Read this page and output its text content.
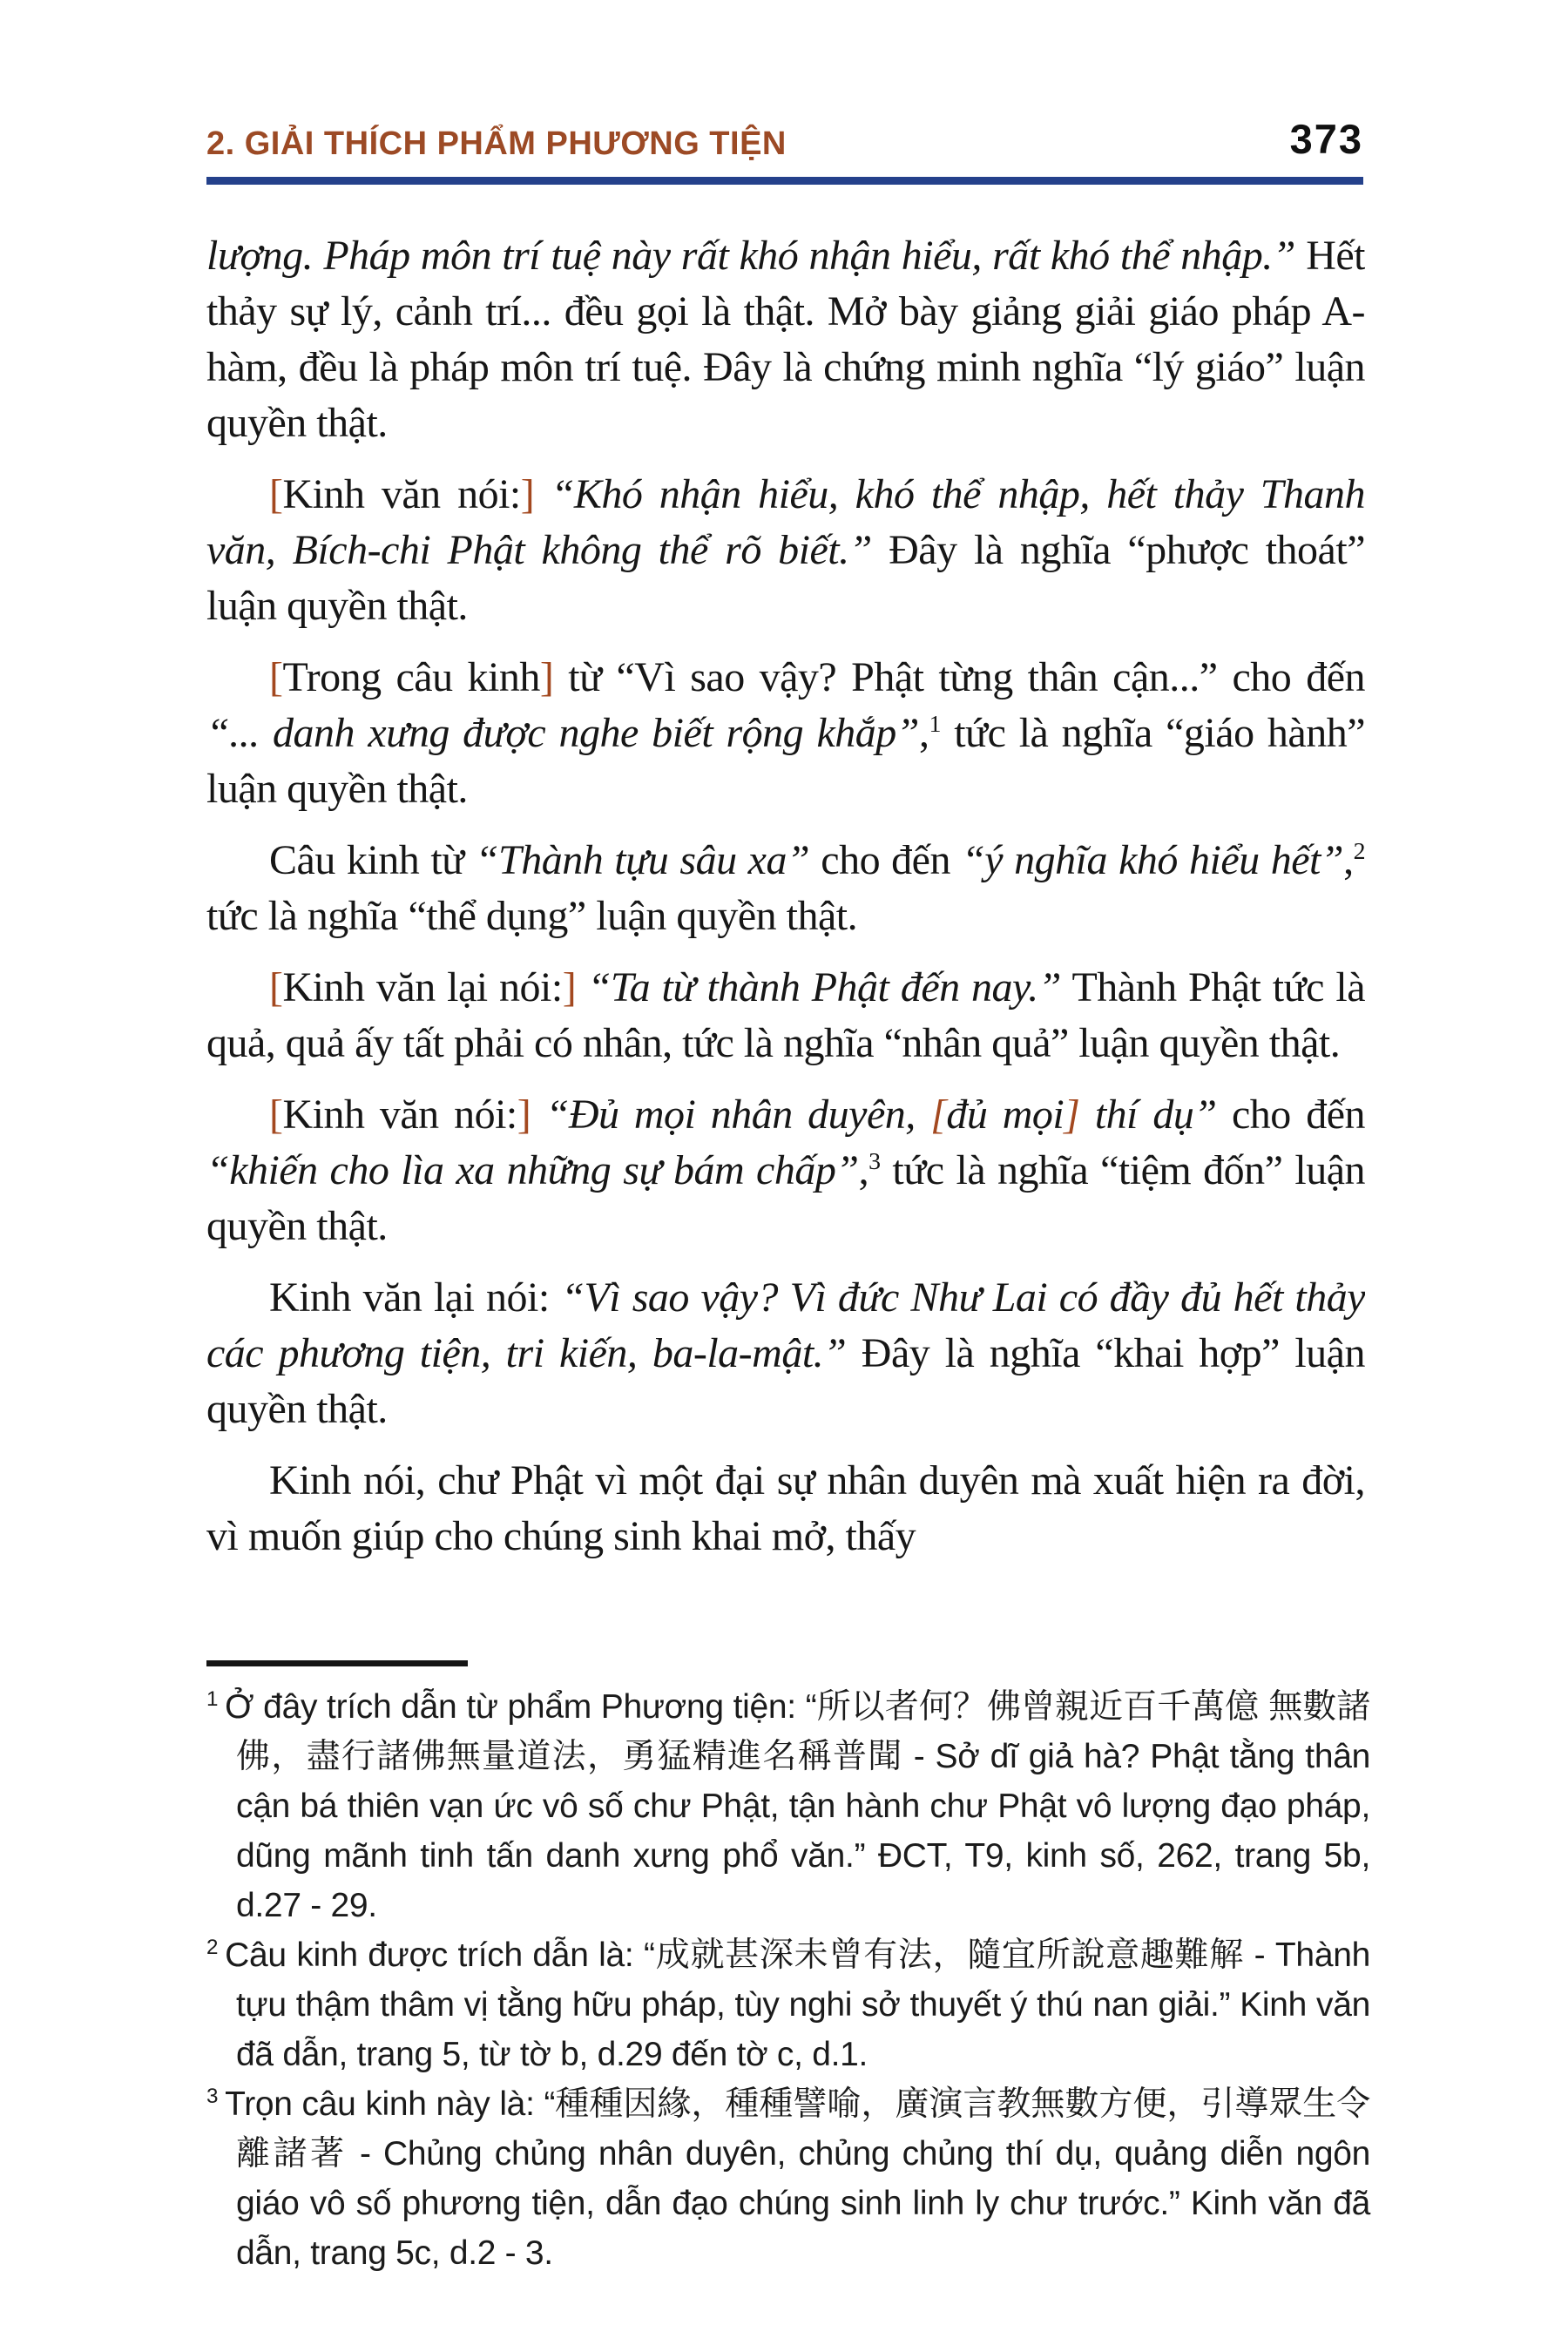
2. GIẢI THÍCH PHẨM PHƯƠNG TIỆN	373

lượng. Pháp môn trí tuệ này rất khó nhận hiểu, rất khó thể nhập.” Hết thảy sự lý, cảnh trí... đều gọi là thật. Mở bày giảng giải giáo pháp A-hàm, đều là pháp môn trí tuệ. Đây là chứng minh nghĩa “lý giáo” luận quyền thật.

[Kinh văn nói:] “Khó nhận hiểu, khó thể nhập, hết thảy Thanh văn, Bích-chi Phật không thể rõ biết.” Đây là nghĩa “phược thoát” luận quyền thật.

[Trong câu kinh] từ “Vì sao vậy? Phật từng thân cận...” cho đến “... danh xưng được nghe biết rộng khắp”,$^1$ tức là nghĩa “giáo hành” luận quyền thật.

Câu kinh từ “Thành tựu sâu xa” cho đến “ý nghĩa khó hiểu hết”,$^2$ tức là nghĩa “thể dụng” luận quyền thật.

[Kinh văn lại nói:] “Ta từ thành Phật đến nay.” Thành Phật tức là quả, quả ấy tất phải có nhân, tức là nghĩa “nhân quả” luận quyền thật.

[Kinh văn nói:] “Đủ mọi nhân duyên, [đủ mọi] thí dụ” cho đến “khiến cho lìa xa những sự bám chấp”,$^3$ tức là nghĩa “tiệm đốn” luận quyền thật.

Kinh văn lại nói: “Vì sao vậy? Vì đức Như Lai có đầy đủ hết thảy các phương tiện, tri kiến, ba-la-mật.” Đây là nghĩa “khai hợp” luận quyền thật.

Kinh nói, chư Phật vì một đại sự nhân duyên mà xuất hiện ra đời, vì muốn giúp cho chúng sinh khai mở, thấy

$^1$ Ở đây trích dẫn từ phẩm Phương tiện: “所以者何？佛曾親近百千萬億 無數諸佛，盡行諸佛無量道法，勇猛精進名稱普聞 - Sở dĩ giả hà? Phật tằng thân cận bá thiên vạn ức vô số chư Phật, tận hành chư Phật vô lượng đạo pháp, dũng mãnh tinh tấn danh xưng phổ văn.” ĐCT, T9, kinh số, 262, trang 5b, d.27 - 29.

$^2$ Câu kinh được trích dẫn là: “成就甚深未曾有法，隨宜所說意趣難解 - Thành tựu thậm thâm vị tằng hữu pháp, tùy nghi sở thuyết ý thú nan giải.” Kinh văn đã dẫn, trang 5, từ tờ b, d.29 đến tờ c, d.1.

$^3$ Trọn câu kinh này là: “種種因緣，種種譬喻，廣演言教無數方便，引導眾生令離諸著 - Chủng chủng nhân duyên, chủng chủng thí dụ, quảng diễn ngôn giáo vô số phương tiện, dẫn đạo chúng sinh linh ly chư trước.” Kinh văn đã dẫn, trang 5c, d.2 - 3.
